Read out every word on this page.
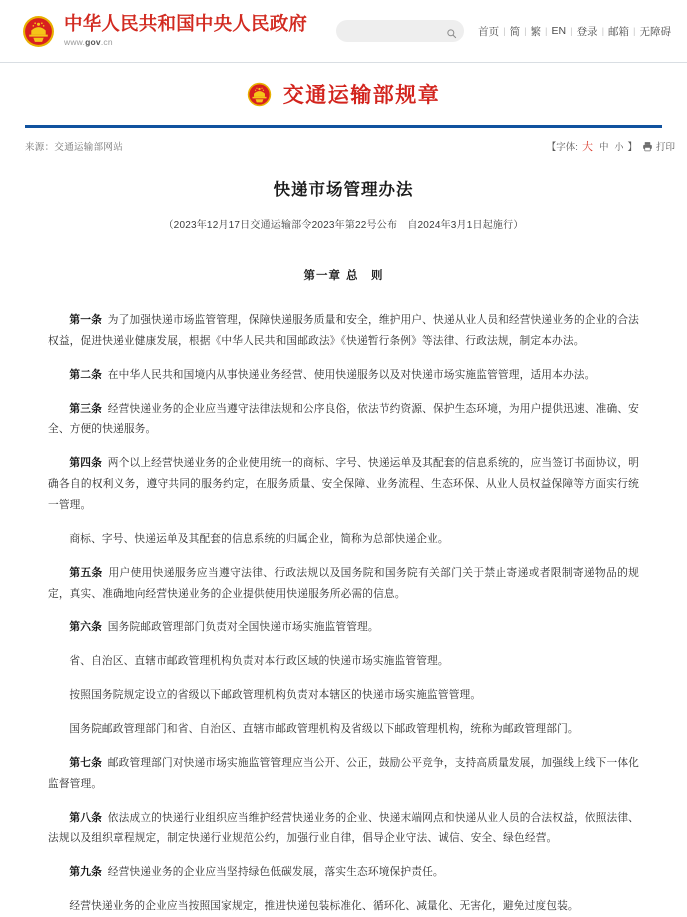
中华人民共和国中央人民政府
www.gov.cn
首页 | 简 | 繁 | EN | 登录 | 邮箱 | 无障碍
交通运输部规章
来源：交通运输部网站	【字体: 大 中 小 】 打印
快递市场管理办法
（2023年12月17日交通运输部令2023年第22号公布　自2024年3月1日起施行）
第一章 总　则
第一条 为了加强快递市场监管管理，保障快递服务质量和安全，维护用户、快递从业人员和经营快递业务的企业的合法权益，促进快递业健康发展，根据《中华人民共和国邮政法》《快递暂行条例》等法律、行政法规，制定本办法。
第二条 在中华人民共和国境内从事快递业务经营、使用快递服务以及对快递市场实施监管管理，适用本办法。
第三条 经营快递业务的企业应当遵守法律法规和公序良俗，依法节约资源、保护生态环境，为用户提供迅速、准确、安全、方便的快递服务。
第四条 两个以上经营快递业务的企业使用统一的商标、字号、快递运单及其配套的信息系统的，应当签订书面协议，明确各自的权利义务，遵守共同的服务约定，在服务质量、安全保障、业务流程、生态环保、从业人员权益保障等方面实行统一管理。
商标、字号、快递运单及其配套的信息系统的归属企业，简称为总部快递企业。
第五条 用户使用快递服务应当遵守法律、行政法规以及国务院和国务院有关部门关于禁止寄递或者限制寄递物品的规定，真实、准确地向经营快递业务的企业提供使用快递服务所必需的信息。
第六条 国务院邮政管理部门负责对全国快递市场实施监管管理。
省、自治区、直辖市邮政管理机构负责对本行政区域的快递市场实施监管管理。
按照国务院规定设立的省级以下邮政管理机构负责对本辖区的快递市场实施监管管理。
国务院邮政管理部门和省、自治区、直辖市邮政管理机构及省级以下邮政管理机构，统称为邮政管理部门。
第七条 邮政管理部门对快递市场实施监管管理应当公开、公正，鼓励公平竞争，支持高质量发展，加强线上线下一体化监督管理。
第八条 依法成立的快递行业组织应当维护经营快递业务的企业、快递末端网点和快递从业人员的合法权益，依照法律、法规以及组织章程规定，制定快递行业规范公约，加强行业自律，倡导企业守法、诚信、安全、绿色经营。
第九条 经营快递业务的企业应当坚持绿色低碳发展，落实生态环境保护责任。
经营快递业务的企业应当按照国家规定，推进快递包装标准化、循环化、减量化、无害化，避免过度包装。
